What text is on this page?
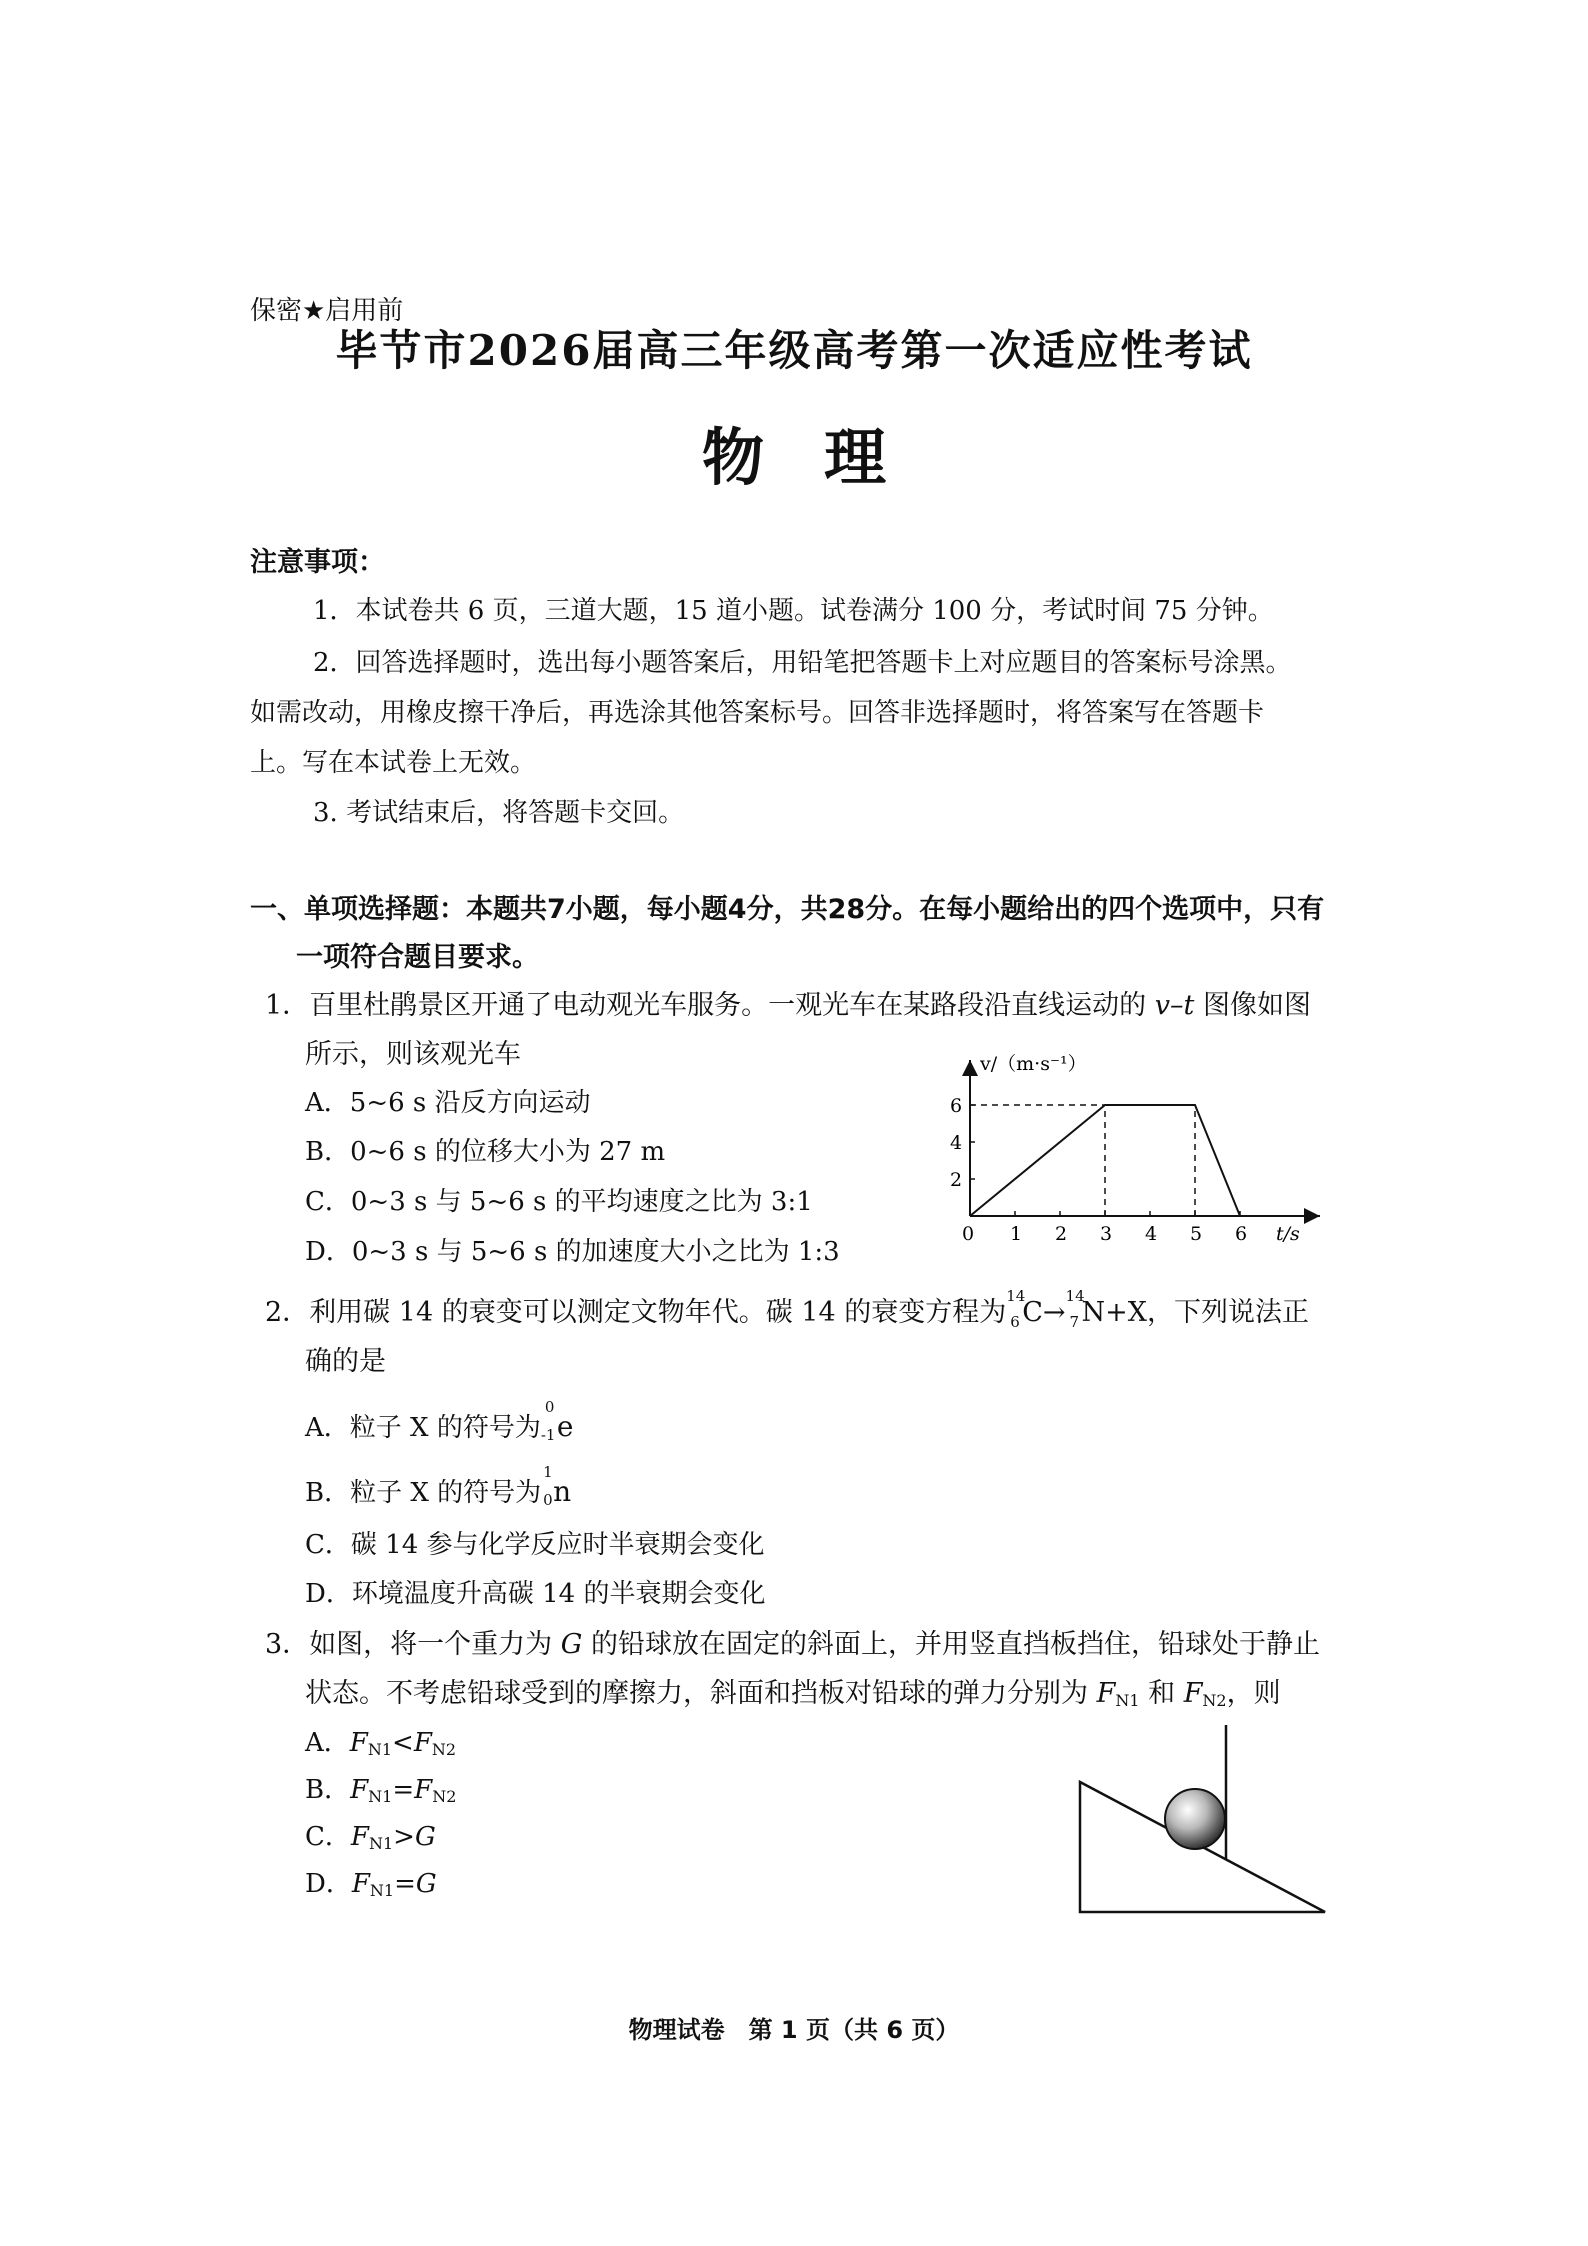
保密★启用前
毕节市2026届高三年级高考第一次适应性考试
物理
注意事项：
1．本试卷共 6 页，三道大题，15 道小题。试卷满分 100 分，考试时间 75 分钟。
2．回答选择题时，选出每小题答案后，用铅笔把答题卡上对应题目的答案标号涂黑。
如需改动，用橡皮擦干净后，再选涂其他答案标号。回答非选择题时，将答案写在答题卡
上。写在本试卷上无效。
3. 考试结束后，将答题卡交回。
一、单项选择题：本题共7小题，每小题4分，共28分。在每小题给出的四个选项中，只有
一项符合题目要求。
1．百里杜鹃景区开通了电动观光车服务。一观光车在某路段沿直线运动的 v–t 图像如图
所示，则该观光车
A．5~6 s 沿反方向运动
B．0~6 s 的位移大小为 27 m
C．0~3 s 与 5~6 s 的平均速度之比为 3:1
D．0~3 s 与 5~6 s 的加速度大小之比为 1:3
v/（m·s⁻¹）
t/s
0 1 2 3 4 5 6
2
4
6
2．利用碳 14 的衰变可以测定文物年代。碳 14 的衰变方程为
14
6 C→
14
7 N+X，下列说法正
确的是
A．粒子 X 的符号为
0
-1 e
B．粒子 X 的符号为
1
0 n
C．碳 14 参与化学反应时半衰期会变化
D．环境温度升高碳 14 的半衰期会变化
3．如图，将一个重力为 G 的铅球放在固定的斜面上，并用竖直挡板挡住，铅球处于静止
状态。不考虑铅球受到的摩擦力，斜面和挡板对铅球的弹力分别为 $F_{N1}$ 和 $F_{N2}$，则
A．$F_{N1}<F_{N2}$
B．$F_{N1}=F_{N2}$
C．$F_{N1}>G$
D．$F_{N1}=G$
物理试卷　第 1 页（共 6 页）
